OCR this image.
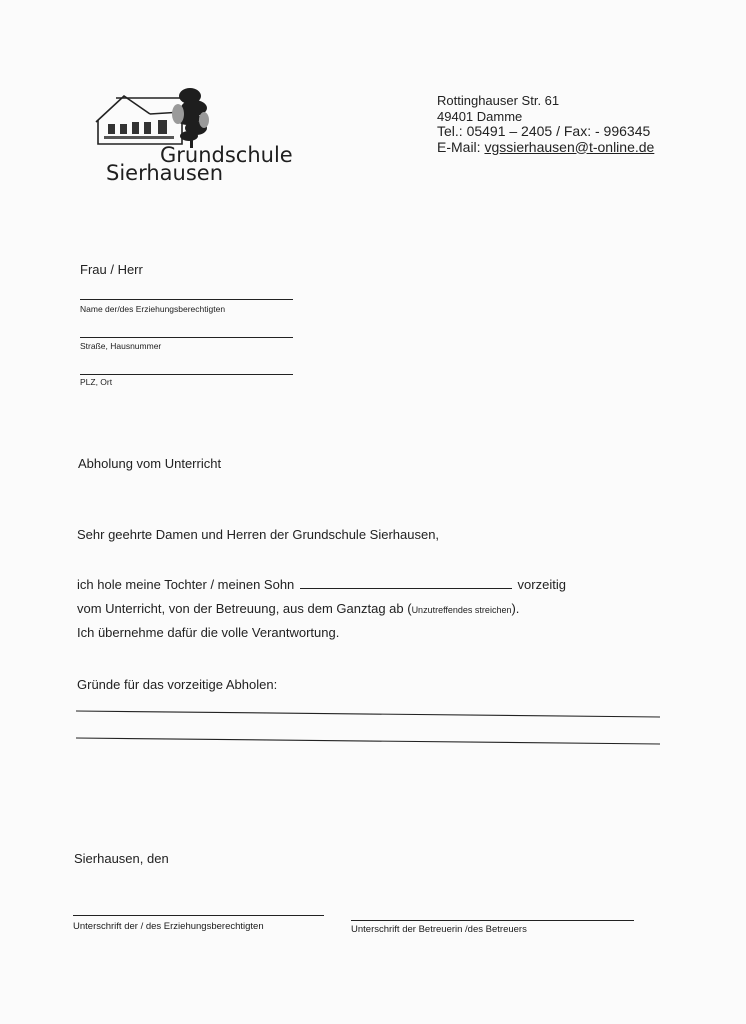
Grundschule
Sierhausen
Rottinghauser Str. 61
49401 Damme
Tel.: 05491 – 2405 / Fax: - 996345
E-Mail: vgssierhausen@t-online.de
Frau / Herr
Name der/des Erziehungsberechtigten
Straße, Hausnummer
PLZ, Ort
Abholung vom Unterricht
Sehr geehrte Damen und Herren der Grundschule Sierhausen,
ich hole meine Tochter / meinen Sohn	vorzeitig
vom Unterricht, von der Betreuung, aus dem Ganztag ab (Unzutreffendes streichen).
Ich übernehme dafür die volle Verantwortung.
Gründe für das vorzeitige Abholen:
Sierhausen, den
Unterschrift der / des Erziehungsberechtigten	Unterschrift der Betreuerin /des Betreuers
